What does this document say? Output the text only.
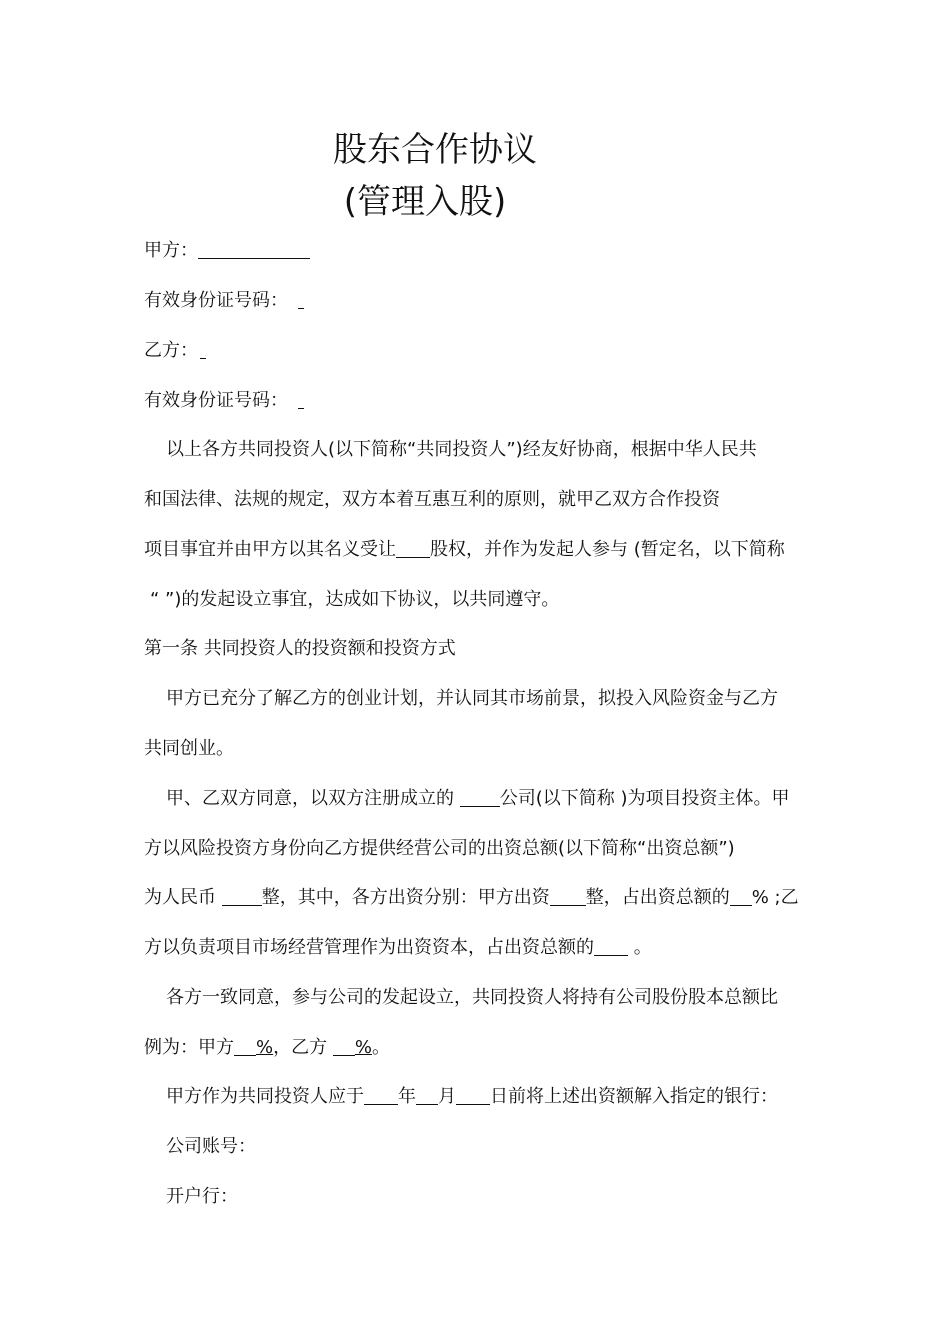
股东合作协议
(管理入股)
甲方：
有效身份证号码：
乙方：
有效身份证号码：
以上各方共同投资人(以下简称“共同投资人”)经友好协商，根据中华人民共
和国法律、法规的规定，双方本着互惠互利的原则，就甲乙双方合作投资
项目事宜并由甲方以其名义受让 股权，并作为发起人参与 (暂定名，以下简称
“ ”)的发起设立事宜，达成如下协议，以共同遵守。
第一条 共同投资人的投资额和投资方式
甲方已充分了解乙方的创业计划，并认同其市场前景，拟投入风险资金与乙方
共同创业。
甲、乙双方同意，以双方注册成立的 公司(以下简称 )为项目投资主体。甲
方以风险投资方身份向乙方提供经营公司的出资总额(以下简称“出资总额”)
为人民币 整，其中，各方出资分别：甲方出资 整，占出资总额的 % ;乙
方以负责项目市场经营管理作为出资资本，占出资总额的 。
各方一致同意，参与公司的发起设立，共同投资人将持有公司股份股本总额比
例为：甲方 %，乙方 %。
甲方作为共同投资人应于 年 月 日前将上述出资额解入指定的银行：
公司账号：
开户行：
